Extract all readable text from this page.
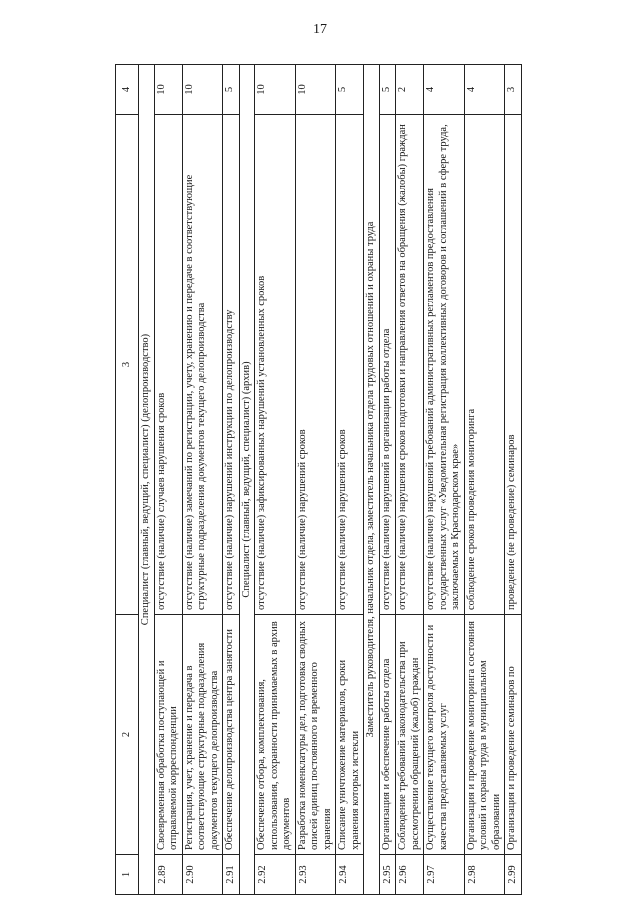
17
1	2	3	4
Специалист (главный, ведущий, специалист) (делопроизводство)			
2.89	Своевременная обработка поступающей и отправляемой корреспонденции	отсутствие (наличие) случаев нарушения сроков	10
2.90	Регистрация, учет, хранение и передача в соответствующие структурные подразделения документов текущего делопроизводства	отсутствие (наличие) замечаний по регистрации, учету, хранению и передаче в соответствующие структурные подразделения документов текущего делопроизводства	10
2.91	Обеспечение делопроизводства центра занятости	отсутствие (наличие) нарушений инструкции по делопроизводству	5
Специалист (главный, ведущий, специалист) (архив)			
2.92	Обеспечение отбора, комплектования, использования, сохранности принимаемых в архив документов	отсутствие (наличие) зафиксированных нарушений установленных сроков	10
2.93	Разработка номенклатуры дел, подготовка сводных описей единиц постоянного и временного хранения	отсутствие (наличие) нарушений сроков	10
2.94	Списание уничтожение материалов, сроки хранения которых истекли	отсутствие (наличие) нарушений сроков	5
Заместитель руководителя, начальник отдела, заместитель начальника отдела трудовых отношений и охраны труда			
2.95	Организация и обеспечение работы отдела	отсутствие (наличие) нарушений в организации работы отдела	5
2.96	Соблюдение требований законодательства при рассмотрении обращений (жалоб) граждан	отсутствие (наличие) нарушения сроков подготовки и направления ответов на обращения (жалобы) граждан	2
2.97	Осуществление текущего контроля доступности и качества предоставляемых услуг	отсутствие (наличие) нарушений требований административных регламентов предоставления государственных услуг «Уведомительная регистрация коллективных договоров и соглашений в сфере труда, заключаемых в Краснодарском крае»	4
2.98	Организация и проведение мониторинга состояния условий и охраны труда в муниципальном образовании	соблюдение сроков проведения мониторинга	4
2.99	Организация и проведение семинаров по	проведение (не проведение) семинаров	3
